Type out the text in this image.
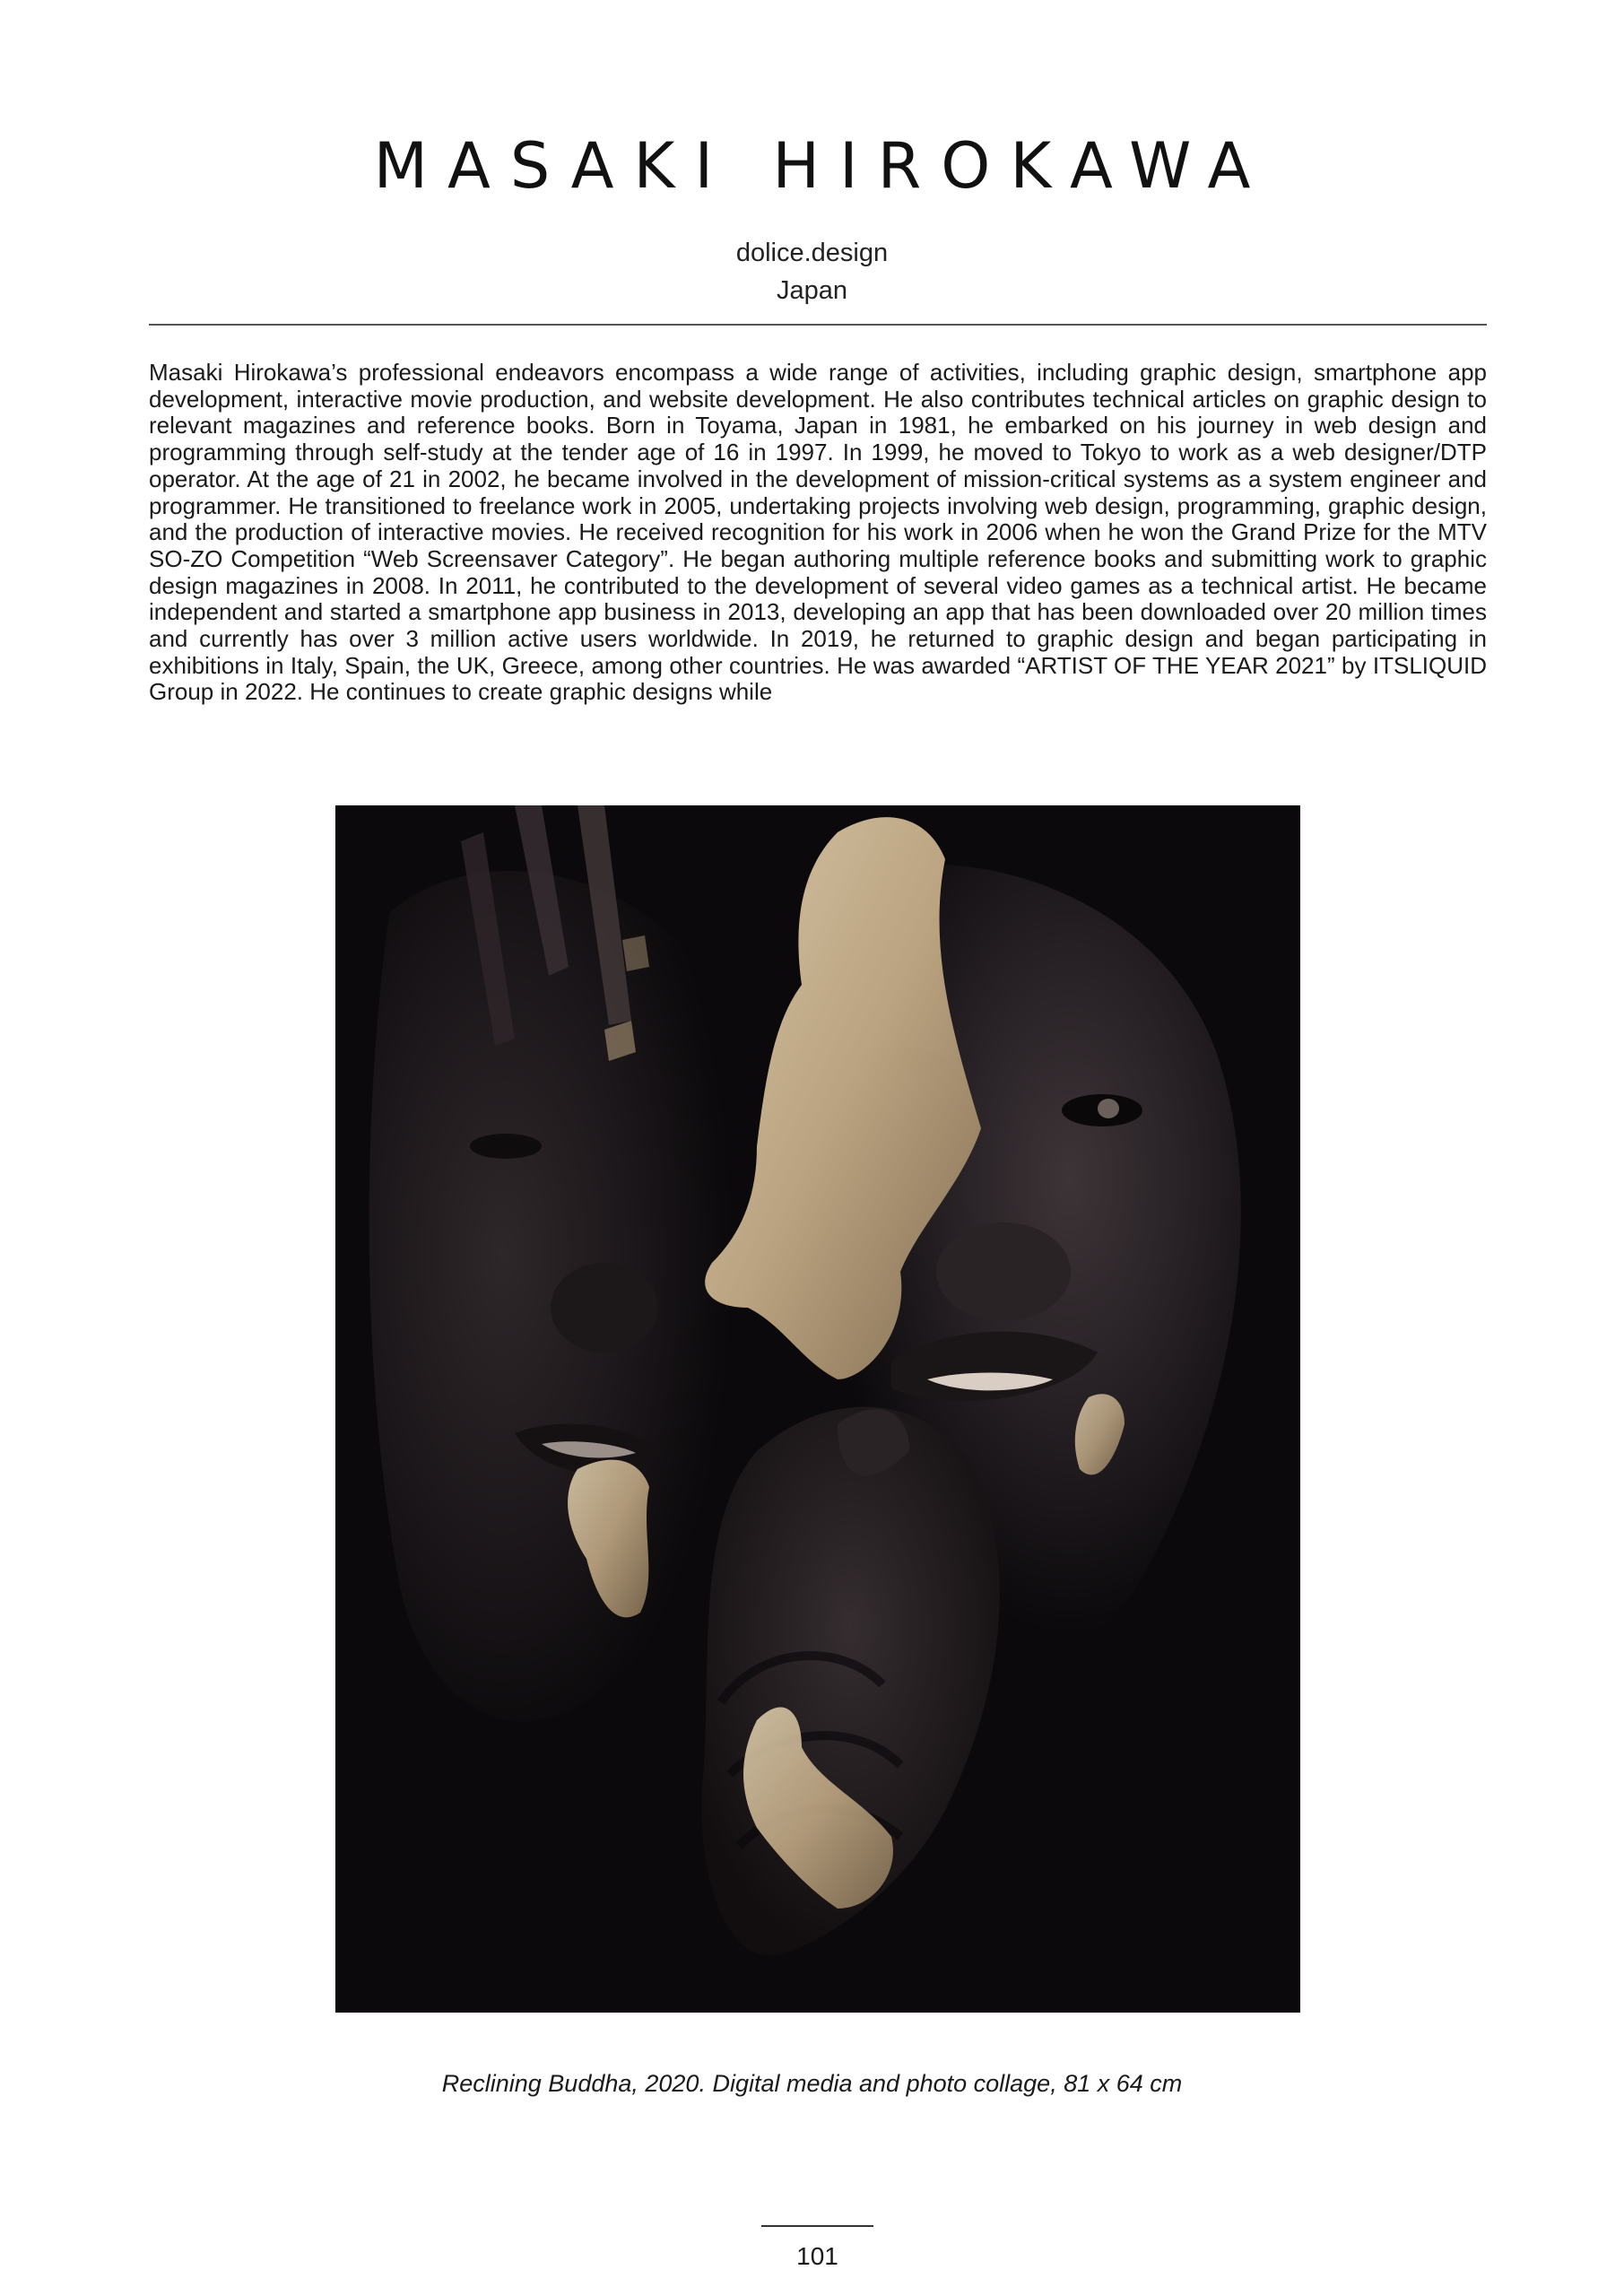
MASAKI HIROKAWA
dolice.design
Japan

Masaki Hirokawa’s professional endeavors encompass a wide range of activities, including graphic design, smartphone app development, interactive movie production, and website development. He also contributes technical articles on graphic design to relevant magazines and reference books. Born in Toyama, Japan in 1981, he embarked on his journey in web design and programming through self-study at the tender age of 16 in 1997. In 1999, he moved to Tokyo to work as a web designer/DTP operator. At the age of 21 in 2002, he became involved in the development of mission-critical systems as a system engineer and programmer. He transitioned to freelance work in 2005, undertaking projects involving web design, programming, graphic design, and the production of interactive movies. He received recognition for his work in 2006 when he won the Grand Prize for the MTV SO-ZO Competition “Web Screensaver Category”. He began authoring multiple reference books and submitting work to graphic design magazines in 2008. In 2011, he contributed to the development of several video games as a technical artist. He became independent and started a smartphone app business in 2013, developing an app that has been downloaded over 20 million times and currently has over 3 million active users worldwide. In 2019, he returned to graphic design and began participating in exhibitions in Italy, Spain, the UK, Greece, among other countries. He was awarded “ARTIST OF THE YEAR 2021” by ITSLIQUID Group in 2022. He continues to create graphic designs while

Reclining Buddha, 2020. Digital media and photo collage, 81 x 64 cm
101
